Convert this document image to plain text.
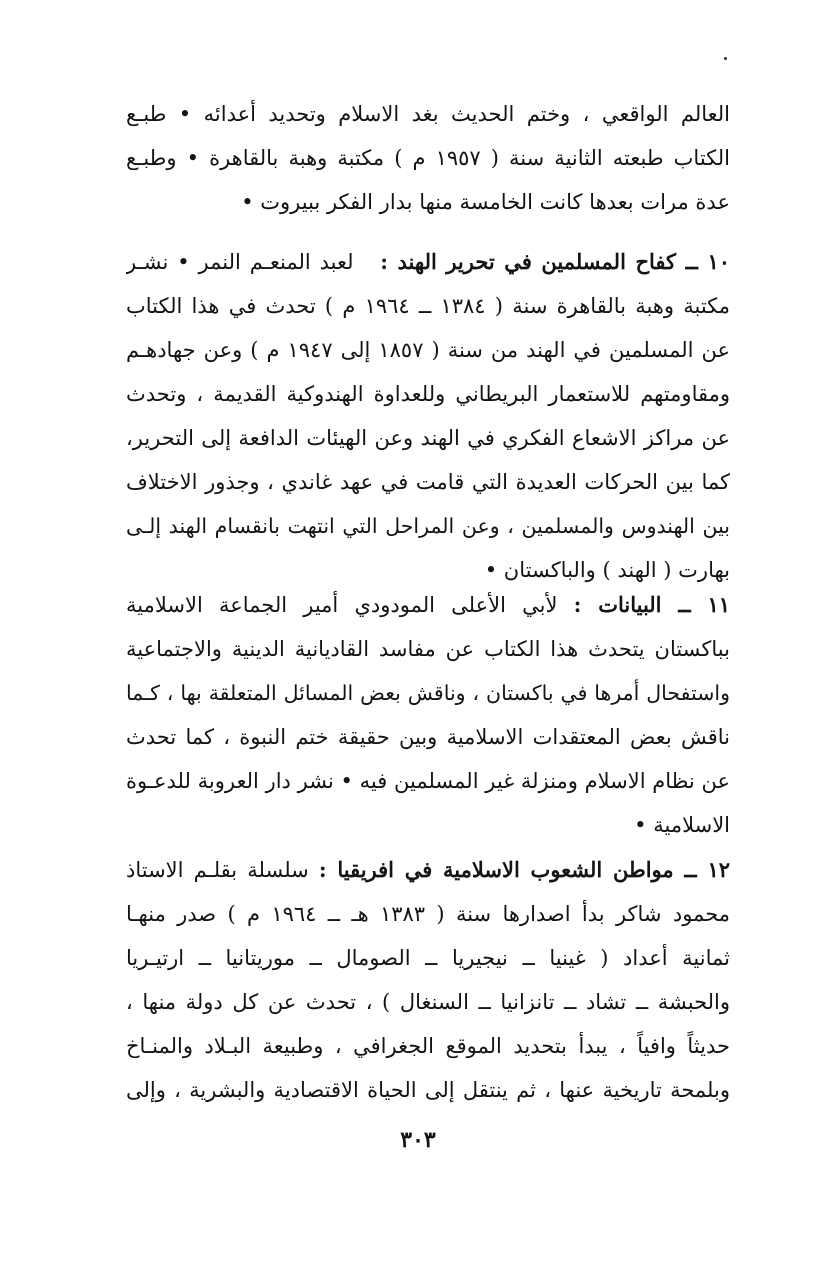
العالم الواقعي ، وختم الحديث بغد الاسلام وتحديد أعدائه • طبـع
الكتاب طبعته الثانية سنة ( ١٩٥٧ م ) مكتبة وهبة بالقاهرة • وطبـع
عدة مرات بعدها كانت الخامسة منها بدار الفكر ببيروت •
١٠ ــ كفاح المسلمين في تحرير الهند :   لعبد المنعـم النمر • نشـر
مكتبة وهبة بالقاهرة سنة ( ١٣٨٤ ــ ١٩٦٤ م ) تحدث في هذا الكتاب
عن المسلمين في الهند من سنة ( ١٨٥٧ إلى ١٩٤٧ م ) وعن جهادهـم
ومقاومتهم للاستعمار البريطاني وللعداوة الهندوكية القديمة ، وتحدث
عن مراكز الاشعاع الفكري في الهند وعن الهيئات الدافعة إلى التحرير،
كما بين الحركات العديدة التي قامت في عهد غاندي ، وجذور الاختلاف
بين الهندوس والمسلمين ، وعن المراحل التي انتهت بانقسام الهند إلـى
بهارت ( الهند ) والباكستان •
١١ ــ البيانات : لأبي الأعلى المودودي أمير الجماعة الاسلامية
بباكستان يتحدث هذا الكتاب عن مفاسد القاديانية الدينية والاجتماعية
واستفحال أمرها في باكستان ، وناقش بعض المسائل المتعلقة بها ، كـما
ناقش بعض المعتقدات الاسلامية وبين حقيقة ختم النبوة ، كما تحدث
عن نظام الاسلام ومنزلة غير المسلمين فيه • نشر دار العروبة للدعـوة
الاسلامية •
١٢ ــ مواطن الشعوب الاسلامية في افريقيا : سلسلة بقلـم الاستاذ
محمود شاكر بدأ اصدارها سنة ( ١٣٨٣ هـ ــ ١٩٦٤ م ) صدر منهـا
ثمانية أعداد ( غينيا ــ نيجيريا ــ الصومال ــ موريتانيا ــ ارتيـريا
والحبشة ــ تشاد ــ تانزانيا ــ السنغال ) ، تحدث عن كل دولة منها ،
حديثاً وافياً ، يبدأ بتحديد الموقع الجغرافي ، وطبيعة البـلاد والمنـاخ
وبلمحة تاريخية عنها ، ثم ينتقل إلى الحياة الاقتصادية والبشرية ، وإلى
٣٠٣
